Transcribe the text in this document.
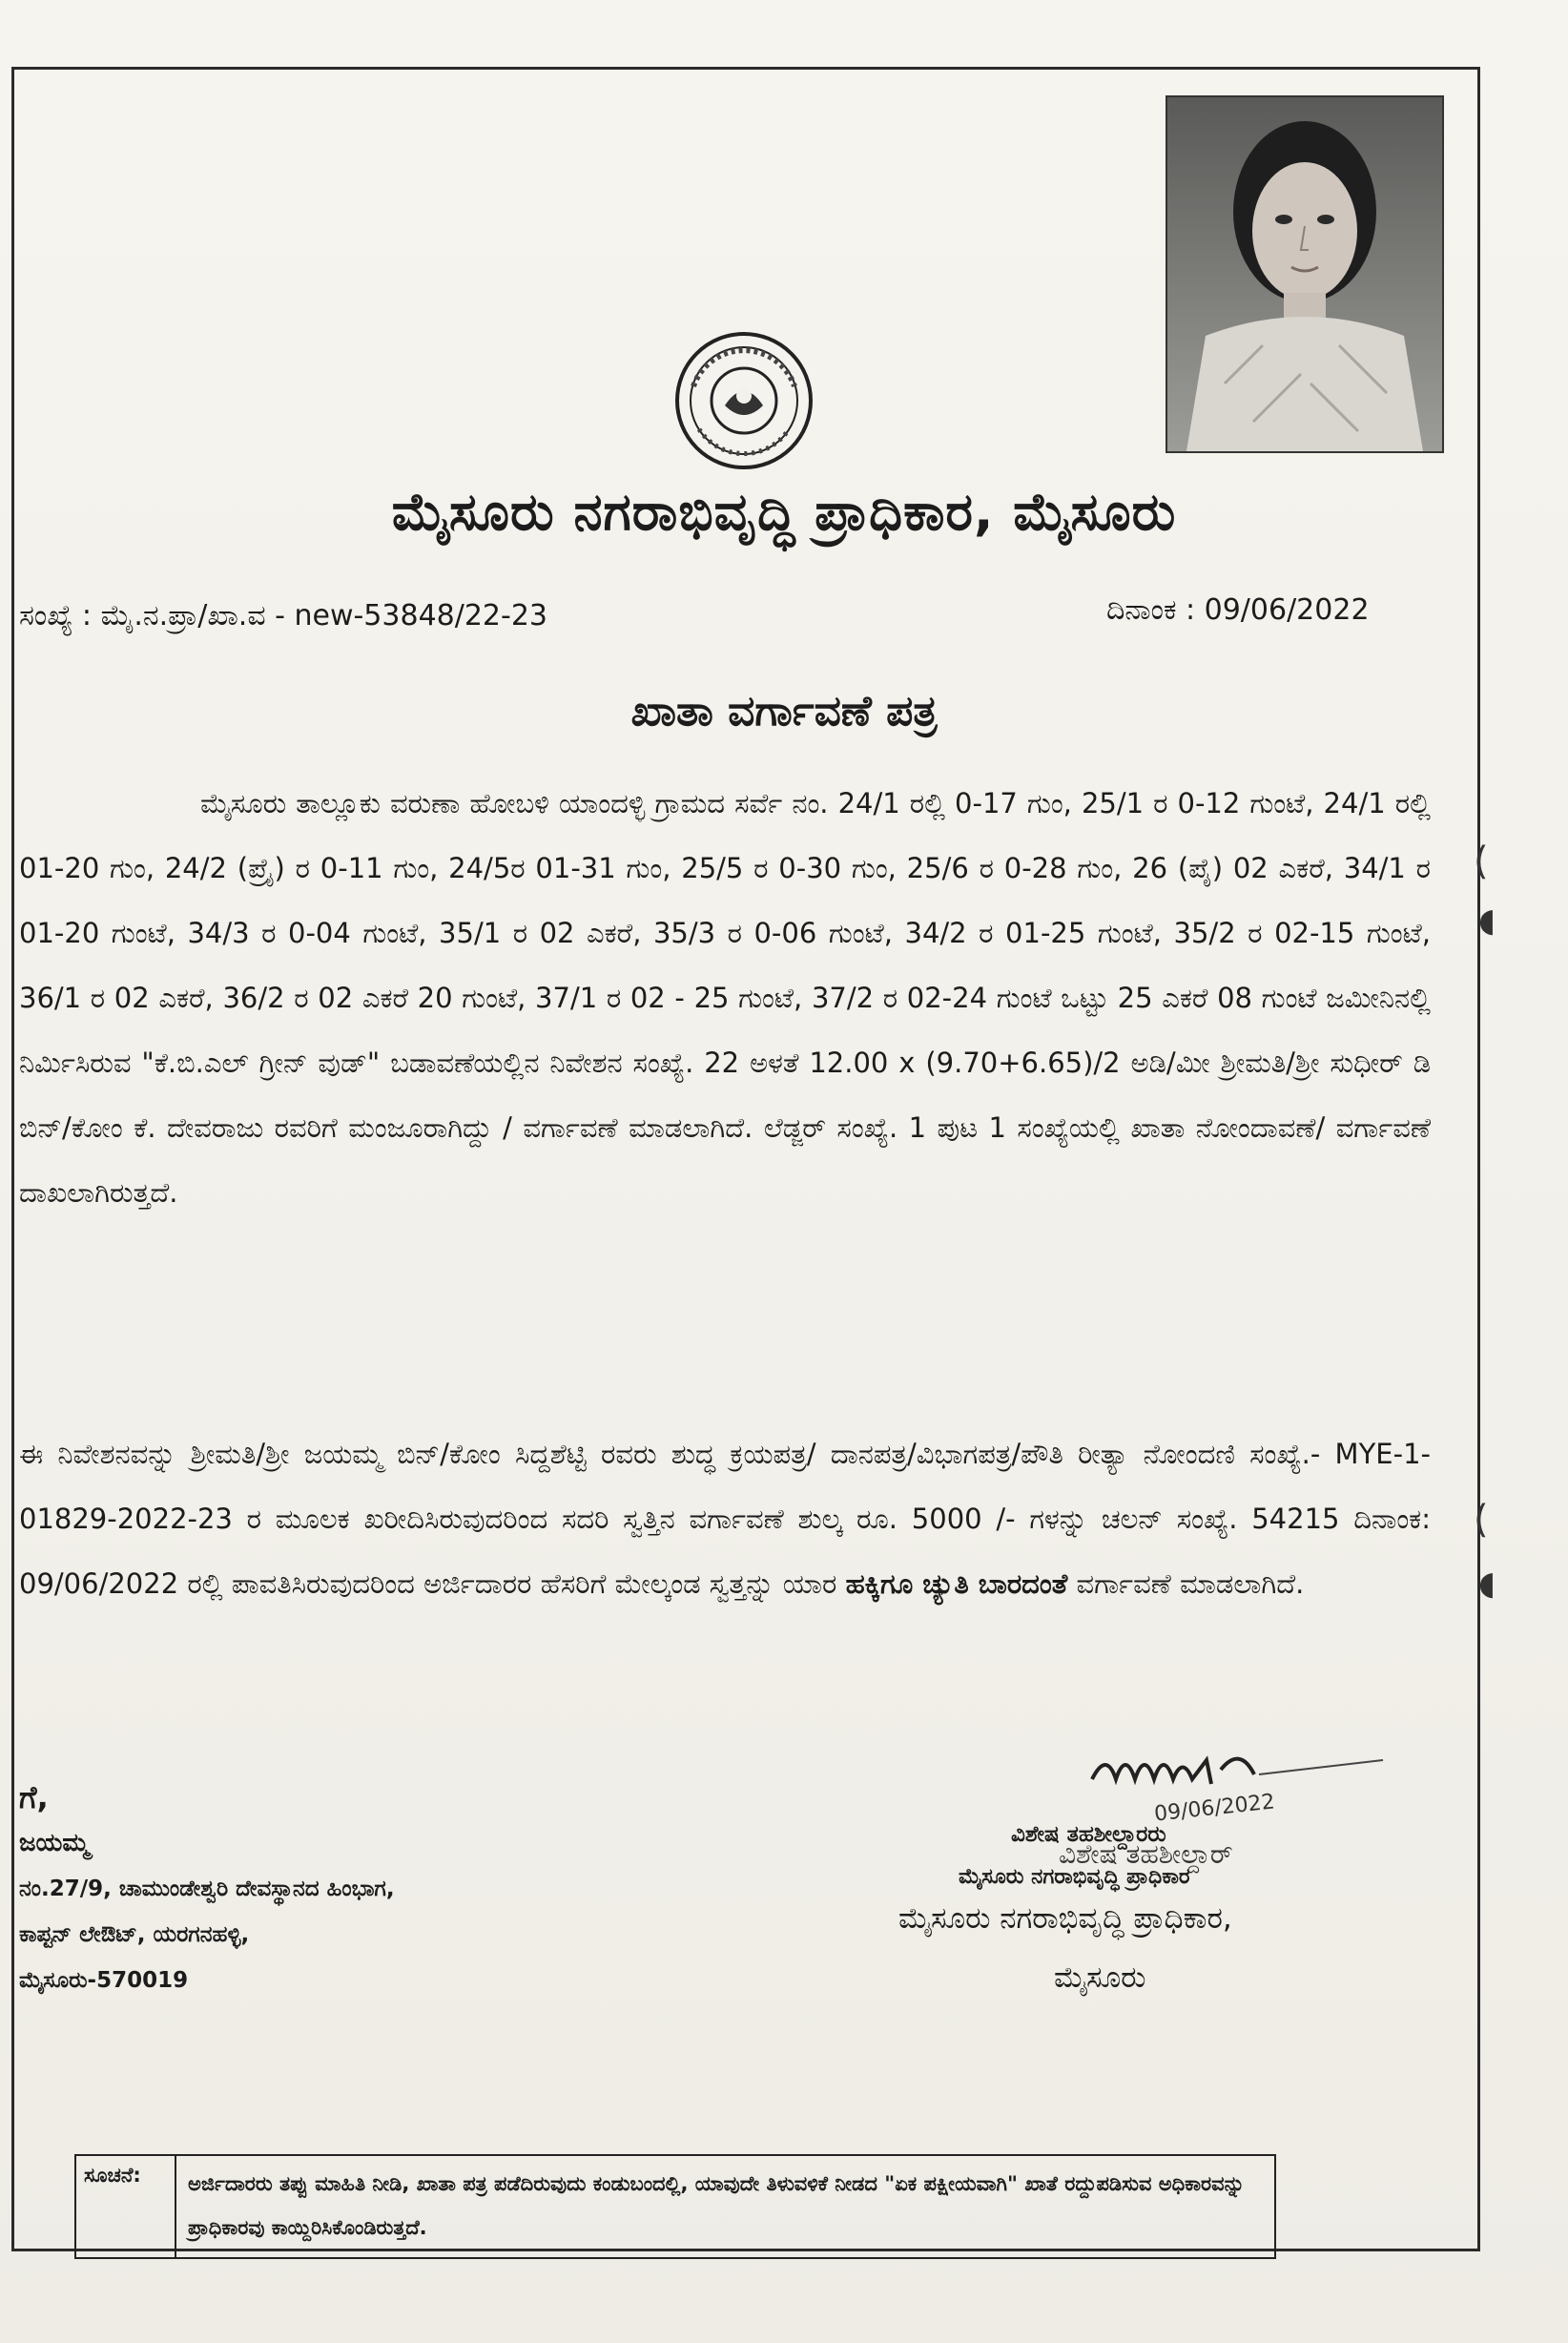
ಮೈಸೂರು ನಗರಾಭಿವೃದ್ಧಿ ಪ್ರಾಧಿಕಾರ, ಮೈಸೂರು
ಸಂಖ್ಯೆ : ಮೈ.ನ.ಪ್ರಾ/ಖಾ.ವ - new-53848/22-23	ದಿನಾಂಕ : 09/06/2022
ಖಾತಾ ವರ್ಗಾವಣೆ ಪತ್ರ
ಮೈಸೂರು ತಾಲ್ಲೂಕು ವರುಣಾ ಹೋಬಳಿ ಯಾಂದಳ್ಳಿ ಗ್ರಾಮದ ಸರ್ವೆ ನಂ. 24/1 ರಲ್ಲಿ 0-17 ಗುಂ, 25/1 ರ 0-12 ಗುಂಟೆ, 24/1 ರಲ್ಲಿ 01-20 ಗುಂ, 24/2 (ಪ್ರೈ) ರ 0-11 ಗುಂ, 24/5ರ 01-31 ಗುಂ, 25/5 ರ 0-30 ಗುಂ, 25/6 ರ 0-28 ಗುಂ, 26 (ಪೈ) 02 ಎಕರೆ, 34/1 ರ 01-20 ಗುಂಟೆ, 34/3 ರ 0-04 ಗುಂಟೆ, 35/1 ರ 02 ಎಕರೆ, 35/3 ರ 0-06 ಗುಂಟೆ, 34/2 ರ 01-25 ಗುಂಟೆ, 35/2 ರ 02-15 ಗುಂಟೆ, 36/1 ರ 02 ಎಕರೆ, 36/2 ರ 02 ಎಕರೆ 20 ಗುಂಟೆ, 37/1 ರ 02 - 25 ಗುಂಟೆ, 37/2 ರ 02-24 ಗುಂಟೆ ಒಟ್ಟು 25 ಎಕರೆ 08 ಗುಂಟೆ ಜಮೀನಿನಲ್ಲಿ ನಿರ್ಮಿಸಿರುವ "ಕೆ.ಬಿ.ಎಲ್ ಗ್ರೀನ್ ವುಡ್" ಬಡಾವಣೆಯಲ್ಲಿನ ನಿವೇಶನ ಸಂಖ್ಯೆ. 22 ಅಳತೆ 12.00 x (9.70+6.65)/2 ಅಡಿ/ಮೀ ಶ್ರೀಮತಿ/ಶ್ರೀ ಸುಧೀರ್ ಡಿ ಬಿನ್/ಕೋಂ ಕೆ. ದೇವರಾಜು ರವರಿಗೆ ಮಂಜೂರಾಗಿದ್ದು / ವರ್ಗಾವಣೆ ಮಾಡಲಾಗಿದೆ. ಲೆಡ್ಜರ್ ಸಂಖ್ಯೆ. 1 ಪುಟ 1 ಸಂಖ್ಯೆಯಲ್ಲಿ ಖಾತಾ ನೋಂದಾವಣೆ/ ವರ್ಗಾವಣೆ ದಾಖಲಾಗಿರುತ್ತದೆ.
ಈ ನಿವೇಶನವನ್ನು ಶ್ರೀಮತಿ/ಶ್ರೀ ಜಯಮ್ಮ ಬಿನ್/ಕೋಂ ಸಿದ್ದಶೆಟ್ಟಿ ರವರು ಶುದ್ಧ ಕ್ರಯಪತ್ರ/ ದಾನಪತ್ರ/ವಿಭಾಗಪತ್ರ/ಪೌತಿ ರೀತ್ಯಾ ನೋಂದಣಿ ಸಂಖ್ಯೆ.- MYE-1-01829-2022-23 ರ ಮೂಲಕ ಖರೀದಿಸಿರುವುದರಿಂದ ಸದರಿ ಸ್ವತ್ತಿನ ವರ್ಗಾವಣೆ ಶುಲ್ಕ ರೂ. 5000 /- ಗಳನ್ನು ಚಲನ್ ಸಂಖ್ಯೆ. 54215 ದಿನಾಂಕ: 09/06/2022 ರಲ್ಲಿ ಪಾವತಿಸಿರುವುದರಿಂದ ಅರ್ಜಿದಾರರ ಹೆಸರಿಗೆ ಮೇಲ್ಕಂಡ ಸ್ವತ್ತನ್ನು ಯಾರ ಹಕ್ಕಿಗೂ ಚ್ಯುತಿ ಬಾರದಂತೆ ವರ್ಗಾವಣೆ ಮಾಡಲಾಗಿದೆ.
ಗೆ,
ಜಯಮ್ಮ
ನಂ.27/9, ಚಾಮುಂಡೇಶ್ವರಿ ದೇವಸ್ಥಾನದ ಹಿಂಭಾಗ,
ಕಾಪ್ಟನ್ ಲೇಔಟ್, ಯರಗನಹಳ್ಳಿ,
ಮೈಸೂರು-570019
09/06/2022
ವಿಶೇಷ ತಹಶೀಲ್ದಾರರು
ವಿಶೇಷ ತಹಶೀಲ್ದಾರ್
ಮೈಸೂರು ನಗರಾಭಿವೃದ್ಧಿ ಪ್ರಾಧಿಕಾರ
ಮೈಸೂರು ನಗರಾಭಿವೃದ್ಧಿ ಪ್ರಾಧಿಕಾರ,
ಮೈಸೂರು
ಸೂಚನೆ:	ಅರ್ಜಿದಾರರು ತಪ್ಪು ಮಾಹಿತಿ ನೀಡಿ, ಖಾತಾ ಪತ್ರ ಪಡೆದಿರುವುದು ಕಂಡುಬಂದಲ್ಲಿ, ಯಾವುದೇ ತಿಳುವಳಿಕೆ ನೀಡದ "ಏಕ ಪಕ್ಷೀಯವಾಗಿ" ಖಾತೆ ರದ್ದುಪಡಿಸುವ ಅಧಿಕಾರವನ್ನು ಪ್ರಾಧಿಕಾರವು ಕಾಯ್ದಿರಿಸಿಕೊಂಡಿರುತ್ತದೆ.
(
◖
(
◖
